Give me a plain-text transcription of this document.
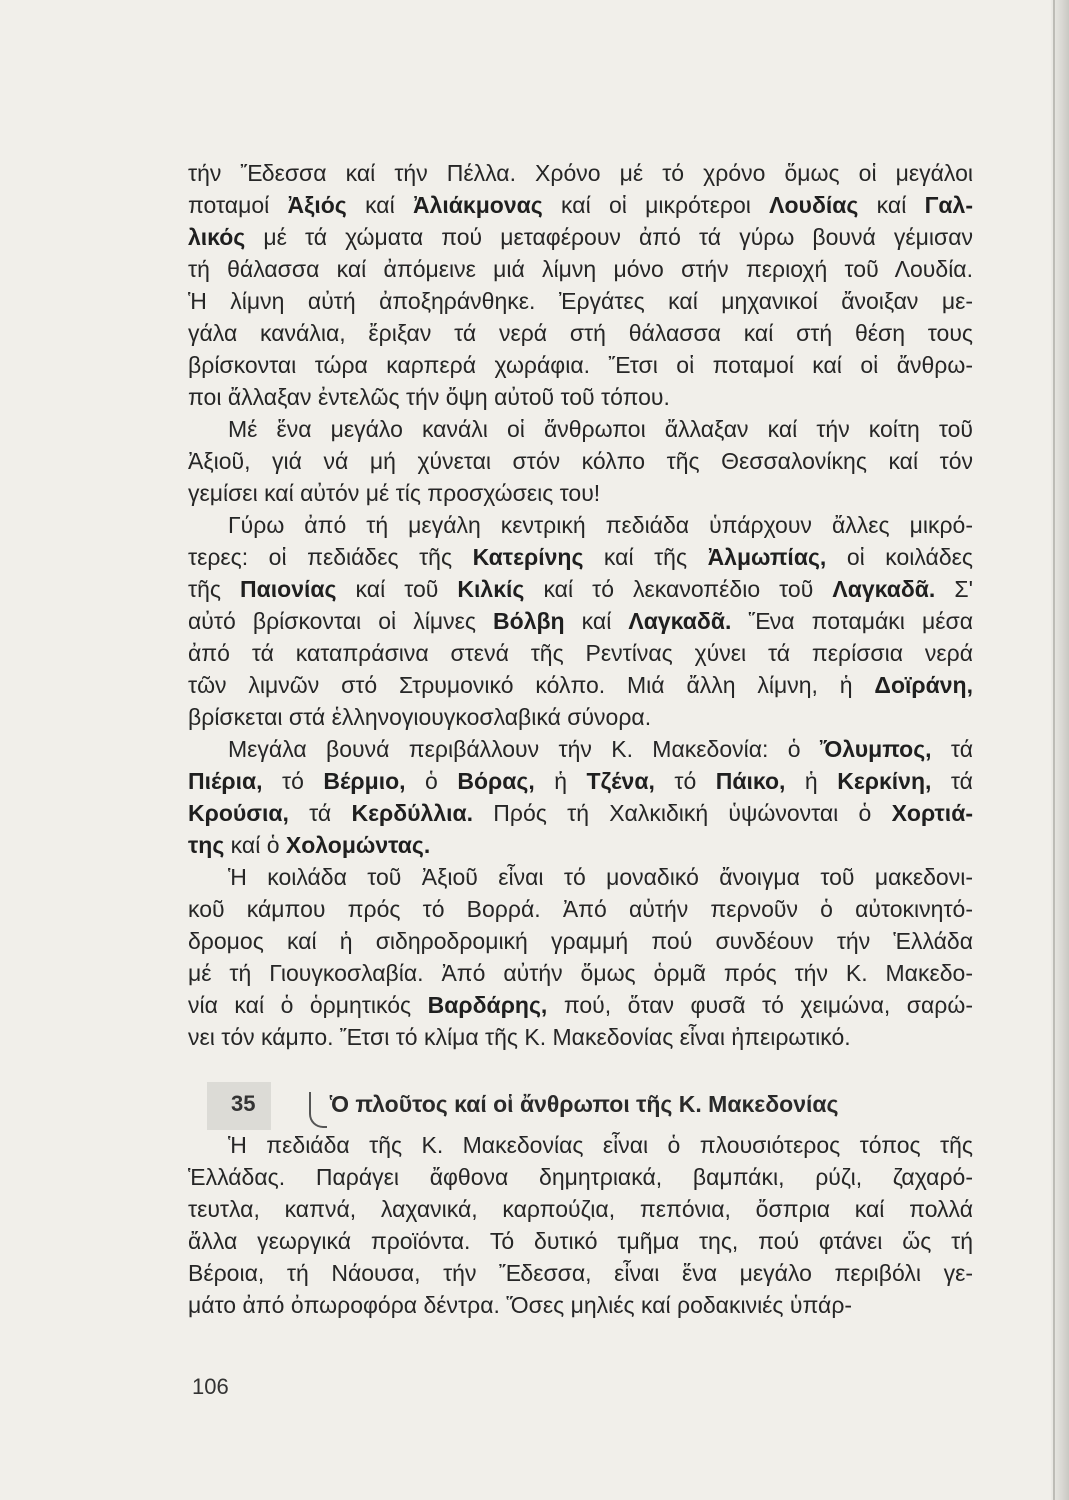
τήν Ἔδεσσα καί τήν Πέλλα. Χρόνο μέ τό χρόνο ὅμως οἱ μεγάλοι
ποταμοί Ἀξιός καί Ἀλιάκμονας καί οἱ μικρότεροι Λουδίας καί Γαλ-
λικός μέ τά χώματα πού μεταφέρουν ἀπό τά γύρω βουνά γέμισαν
τή θάλασσα καί ἀπόμεινε μιά λίμνη μόνο στήν περιοχή τοῦ Λουδία.
Ἡ λίμνη αὐτή ἀποξηράνθηκε. Ἐργάτες καί μηχανικοί ἄνοιξαν με-
γάλα κανάλια, ἔριξαν τά νερά στή θάλασσα καί στή θέση τους
βρίσκονται τώρα καρπερά χωράφια. Ἔτσι οἱ ποταμοί καί οἱ ἄνθρω-
ποι ἄλλαξαν ἐντελῶς τήν ὄψη αὐτοῦ τοῦ τόπου.
Μέ ἕνα μεγάλο κανάλι οἱ ἄνθρωποι ἄλλαξαν καί τήν κοίτη τοῦ
Ἀξιοῦ, γιά νά μή χύνεται στόν κόλπο τῆς Θεσσαλονίκης καί τόν
γεμίσει καί αὐτόν μέ τίς προσχώσεις του!
Γύρω ἀπό τή μεγάλη κεντρική πεδιάδα ὑπάρχουν ἄλλες μικρό-
τερες: οἱ πεδιάδες τῆς Κατερίνης καί τῆς Ἀλμωπίας, οἱ κοιλάδες
τῆς Παιονίας καί τοῦ Κιλκίς καί τό λεκανοπέδιο τοῦ Λαγκαδᾶ. Σ'
αὐτό βρίσκονται οἱ λίμνες Βόλβη καί Λαγκαδᾶ. Ἕνα ποταμάκι μέσα
ἀπό τά καταπράσινα στενά τῆς Ρεντίνας χύνει τά περίσσια νερά
τῶν λιμνῶν στό Στρυμονικό κόλπο. Μιά ἄλλη λίμνη, ἡ Δοϊράνη,
βρίσκεται στά ἑλληνογιουγκοσλαβικά σύνορα.
Μεγάλα βουνά περιβάλλουν τήν Κ. Μακεδονία: ὁ Ὄλυμπος, τά
Πιέρια, τό Βέρμιο, ὁ Βόρας, ἡ Τζένα, τό Πάικο, ἡ Κερκίνη, τά
Κρούσια, τά Κερδύλλια. Πρός τή Χαλκιδική ὑψώνονται ὁ Χορτιά-
της καί ὁ Χολομώντας.
Ἡ κοιλάδα τοῦ Ἀξιοῦ εἶναι τό μοναδικό ἄνοιγμα τοῦ μακεδονι-
κοῦ κάμπου πρός τό Βορρά. Ἀπό αὐτήν περνοῦν ὁ αὐτοκινητό-
δρομος καί ἡ σιδηροδρομική γραμμή πού συνδέουν τήν Ἑλλάδα
μέ τή Γιουγκοσλαβία. Ἀπό αὐτήν ὅμως ὁρμᾶ πρός τήν Κ. Μακεδο-
νία καί ὁ ὁρμητικός Βαρδάρης, πού, ὅταν φυσᾶ τό χειμώνα, σαρώ-
νει τόν κάμπο. Ἔτσι τό κλίμα τῆς Κ. Μακεδονίας εἶναι ἠπειρωτικό.
35	Ὁ πλοῦτος καί οἱ ἄνθρωποι τῆς Κ. Μακεδονίας
Ἡ πεδιάδα τῆς Κ. Μακεδονίας εἶναι ὁ πλουσιότερος τόπος τῆς
Ἑλλάδας. Παράγει ἄφθονα δημητριακά, βαμπάκι, ρύζι, ζαχαρό-
τευτλα, καπνά, λαχανικά, καρπούζια, πεπόνια, ὄσπρια καί πολλά
ἄλλα γεωργικά προϊόντα. Τό δυτικό τμῆμα της, πού φτάνει ὥς τή
Βέροια, τή Νάουσα, τήν Ἔδεσσα, εἶναι ἕνα μεγάλο περιβόλι γε-
μάτο ἀπό ὀπωροφόρα δέντρα. Ὅσες μηλιές καί ροδακινιές ὑπάρ-
106
